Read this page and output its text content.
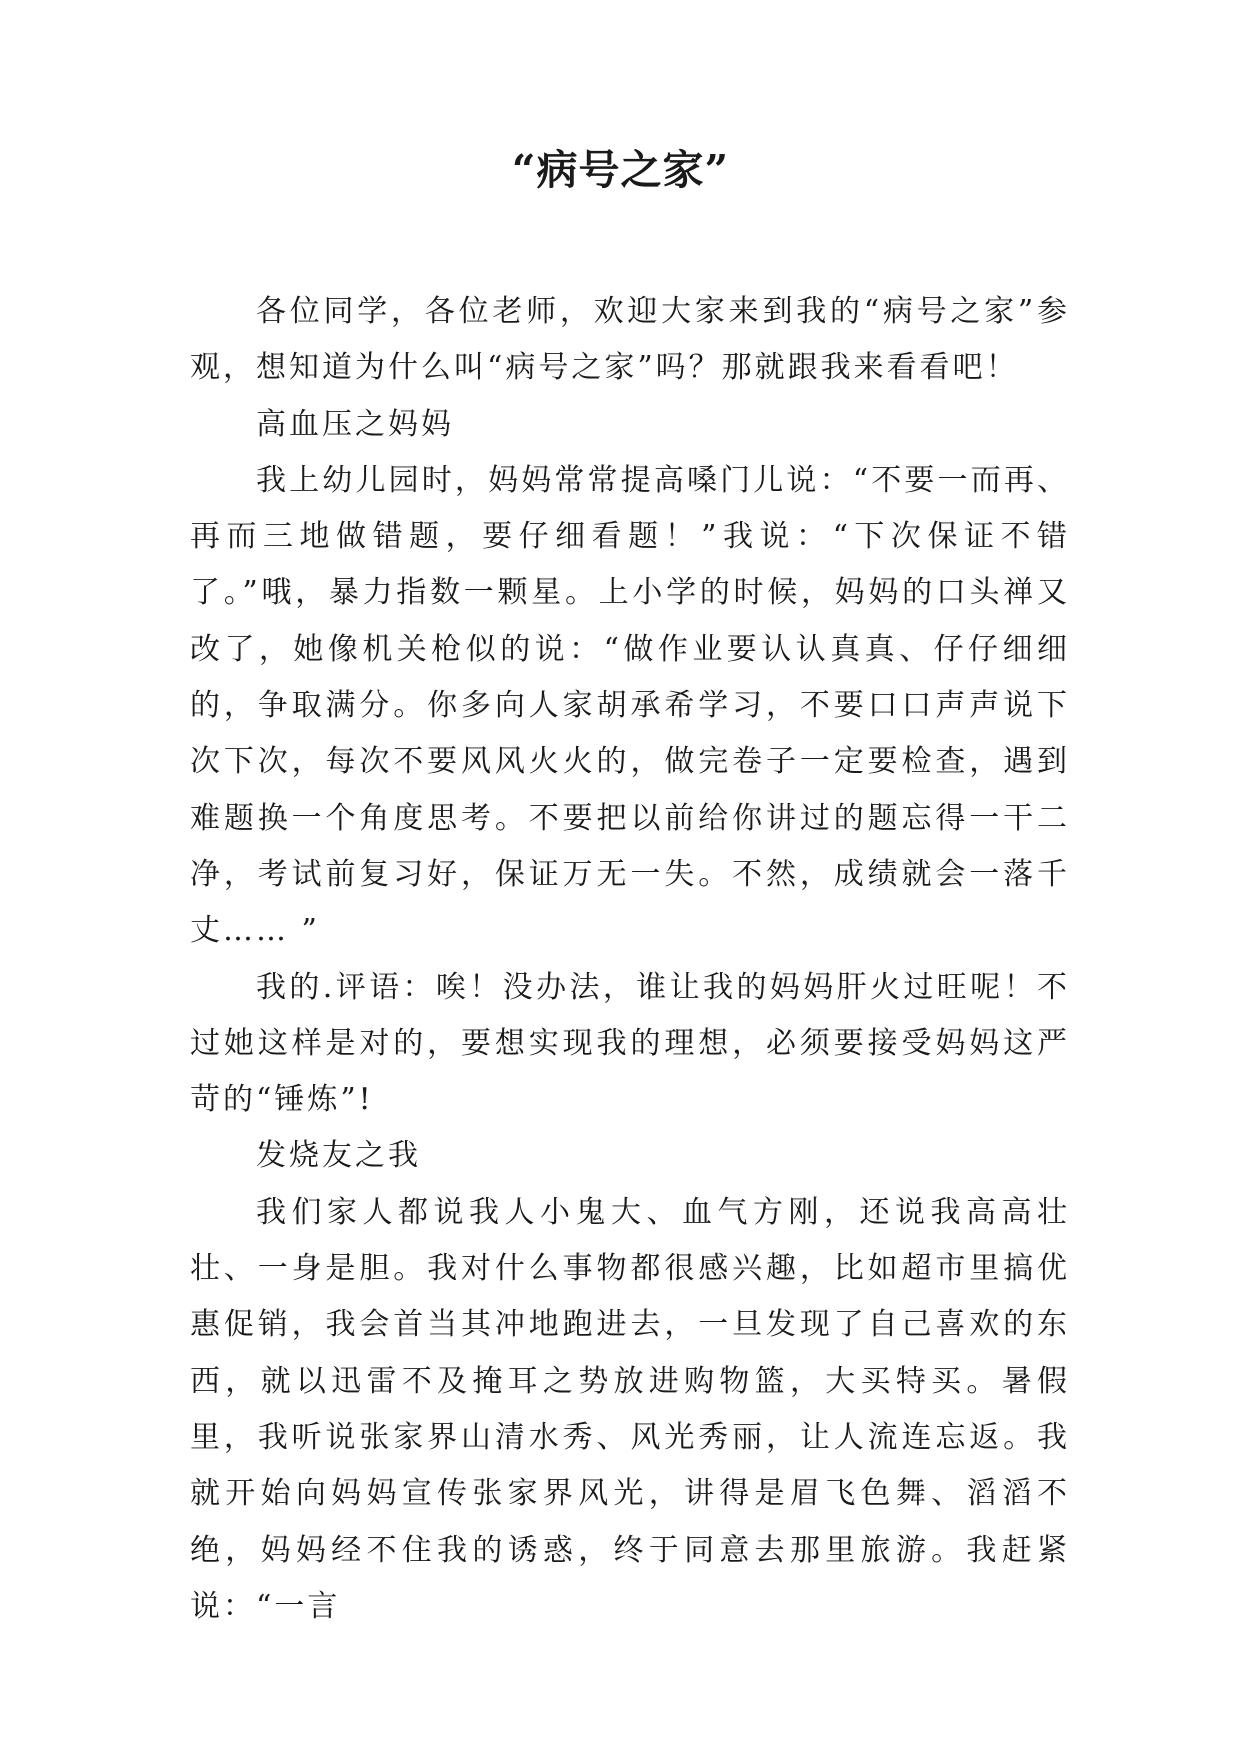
“病号之家”

各位同学，各位老师，欢迎大家来到我的“病号之家”参观，想知道为什么叫“病号之家”吗？那就跟我来看看吧！

高血压之妈妈

我上幼儿园时，妈妈常常提高嗓门儿说：“不要一而再、再而三地做错题，要仔细看题！”我说：“下次保证不错了。”哦，暴力指数一颗星。上小学的时候，妈妈的口头禅又改了，她像机关枪似的说：“做作业要认认真真、仔仔细细的，争取满分。你多向人家胡承希学习，不要口口声声说下次下次，每次不要风风火火的，做完卷子一定要检查，遇到难题换一个角度思考。不要把以前给你讲过的题忘得一干二净，考试前复习好，保证万无一失。不然，成绩就会一落千丈…… ”

我的.评语：唉！没办法，谁让我的妈妈肝火过旺呢！不过她这样是对的，要想实现我的理想，必须要接受妈妈这严苛的“锤炼”!

发烧友之我

我们家人都说我人小鬼大、血气方刚，还说我高高壮壮、一身是胆。我对什么事物都很感兴趣，比如超市里搞优惠促销，我会首当其冲地跑进去，一旦发现了自己喜欢的东西，就以迅雷不及掩耳之势放进购物篮，大买特买。暑假里，我听说张家界山清水秀、风光秀丽，让人流连忘返。我就开始向妈妈宣传张家界风光，讲得是眉飞色舞、滔滔不绝，妈妈经不住我的诱惑，终于同意去那里旅游。我赶紧说：“一言
